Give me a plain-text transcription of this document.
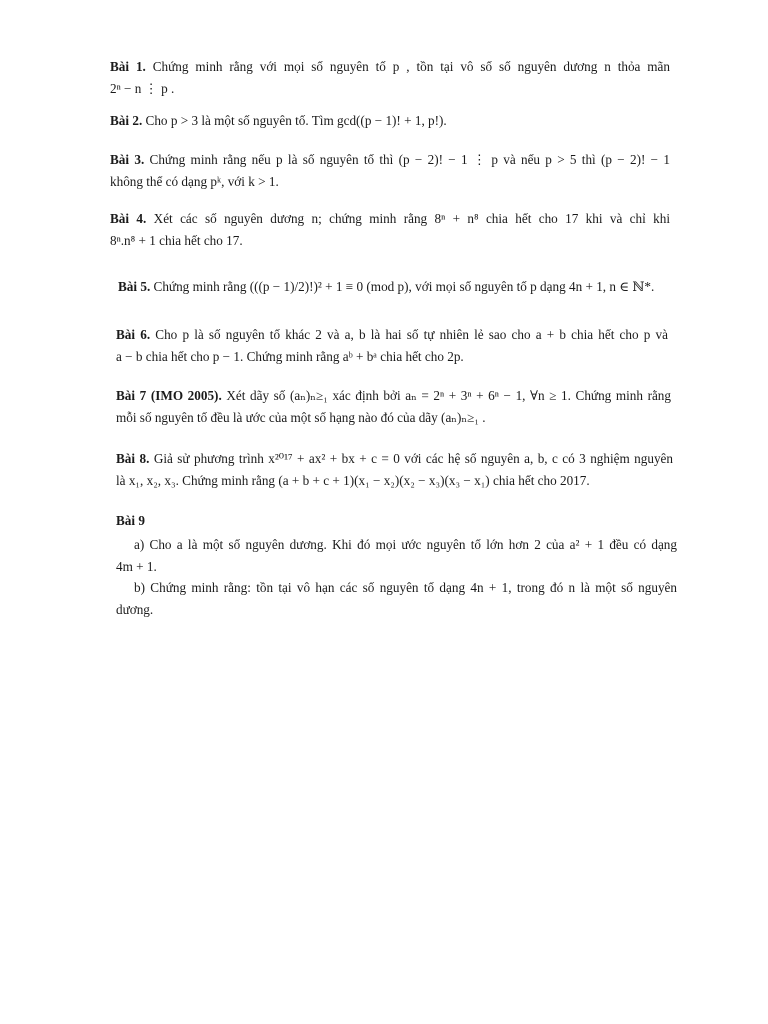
Bài 1. Chứng minh rằng với mọi số nguyên tố p , tồn tại vô số số nguyên dương n thỏa mãn
2ⁿ − n ⋮ p .
Bài 2. Cho p > 3 là một số nguyên tố. Tìm gcd((p − 1)! + 1, p!).
Bài 3. Chứng minh rằng nếu p là số nguyên tố thì (p − 2)! − 1 ⋮ p và nếu p > 5 thì (p − 2)! − 1
không thể có dạng pᵏ, với k > 1.
Bài 4. Xét các số nguyên dương n; chứng minh rằng 8ⁿ + n⁸ chia hết cho 17 khi và chỉ khi
8ⁿ.n⁸ + 1 chia hết cho 17.
Bài 5. Chứng minh rằng (((p − 1)/2)!)² + 1 ≡ 0 (mod p), với mọi số nguyên tố p dạng 4n + 1, n ∈ ℕ*.
Bài 6. Cho p là số nguyên tố khác 2 và a, b là hai số tự nhiên lẻ sao cho a + b chia hết cho p và
a − b chia hết cho p − 1. Chứng minh rằng aᵇ + bᵃ chia hết cho 2p.
Bài 7 (IMO 2005). Xét dãy số (aₙ)ₙ≥₁ xác định bởi aₙ = 2ⁿ + 3ⁿ + 6ⁿ − 1, ∀n ≥ 1. Chứng minh rằng
mỗi số nguyên tố đều là ước của một số hạng nào đó của dãy (aₙ)ₙ≥₁ .
Bài 8. Giả sử phương trình x²⁰¹⁷ + ax² + bx + c = 0 với các hệ số nguyên a, b, c có 3 nghiệm nguyên
là x₁, x₂, x₃. Chứng minh rằng (a + b + c + 1)(x₁ − x₂)(x₂ − x₃)(x₃ − x₁) chia hết cho 2017.
Bài 9
a) Cho a là một số nguyên dương. Khi đó mọi ước nguyên tố lớn hơn 2 của a² + 1 đều có dạng
4m + 1.
b) Chứng minh rằng: tồn tại vô hạn các số nguyên tố dạng 4n + 1, trong đó n là một số nguyên
dương.
